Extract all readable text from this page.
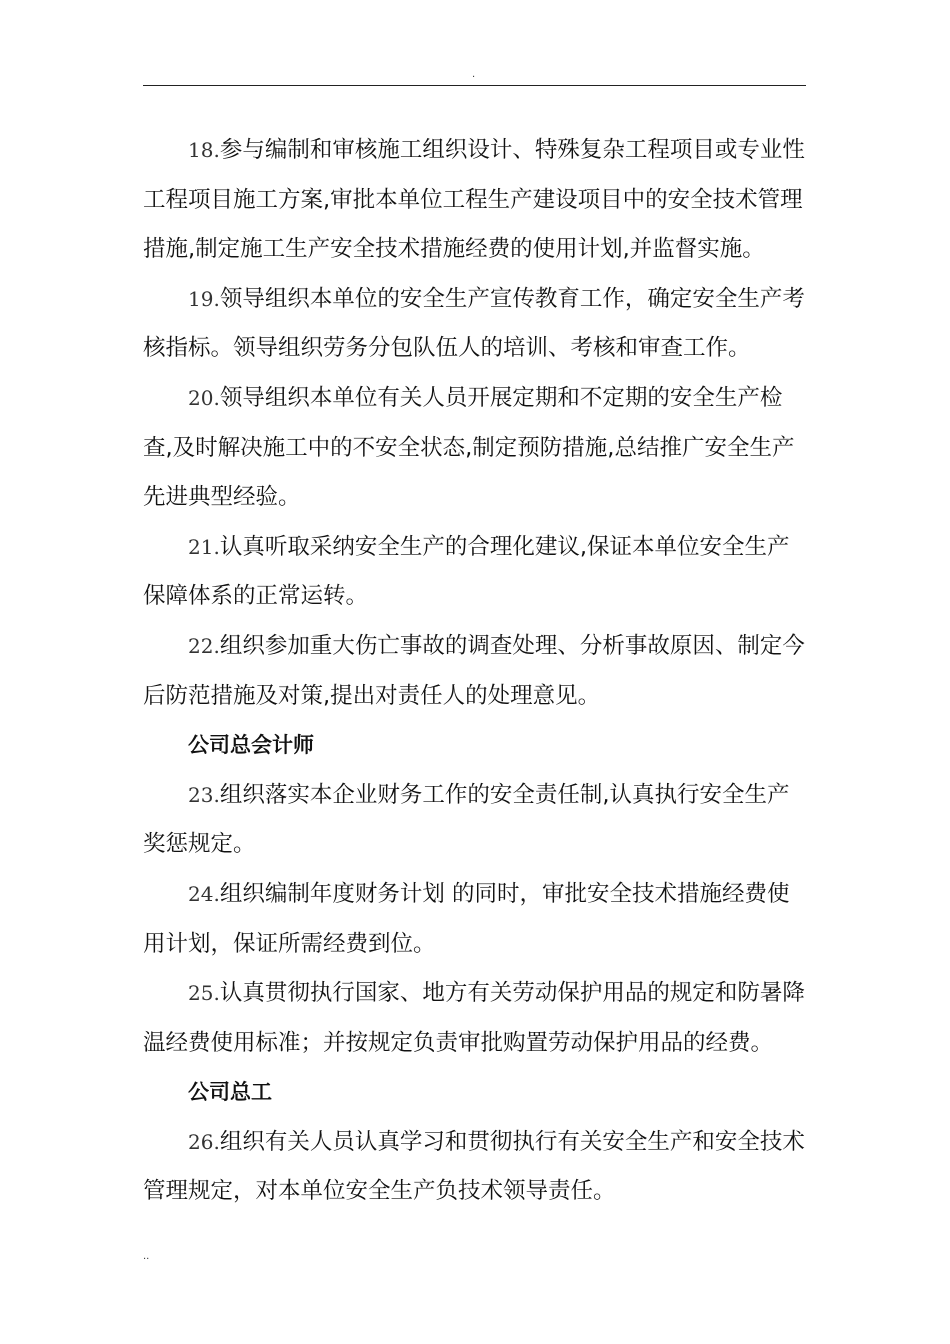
.

18.参与编制和审核施工组织设计、特殊复杂工程项目或专业性工程项目施工方案,审批本单位工程生产建设项目中的安全技术管理措施,制定施工生产安全技术措施经费的使用计划,并监督实施。

19.领导组织本单位的安全生产宣传教育工作，确定安全生产考核指标。领导组织劳务分包队伍人的培训、考核和审查工作。

20.领导组织本单位有关人员开展定期和不定期的安全生产检查,及时解决施工中的不安全状态,制定预防措施,总结推广安全生产 先进典型经验。

21.认真听取采纳安全生产的合理化建议,保证本单位安全生产保障体系的正常运转。

22.组织参加重大伤亡事故的调查处理、分析事故原因、制定今后防范措施及对策,提出对责任人的处理意见。

公司总会计师

23.组织落实本企业财务工作的安全责任制,认真执行安全生产奖惩规定。

24.组织编制年度财务计划 的同时，审批安全技术措施经费使用计划，保证所需经费到位。

25.认真贯彻执行国家、地方有关劳动保护用品的规定和防暑降温经费使用标准；并按规定负责审批购置劳动保护用品的经费。

公司总工

26.组织有关人员认真学习和贯彻执行有关安全生产和安全技术管理规定，对本单位安全生产负技术领导责任。

..
